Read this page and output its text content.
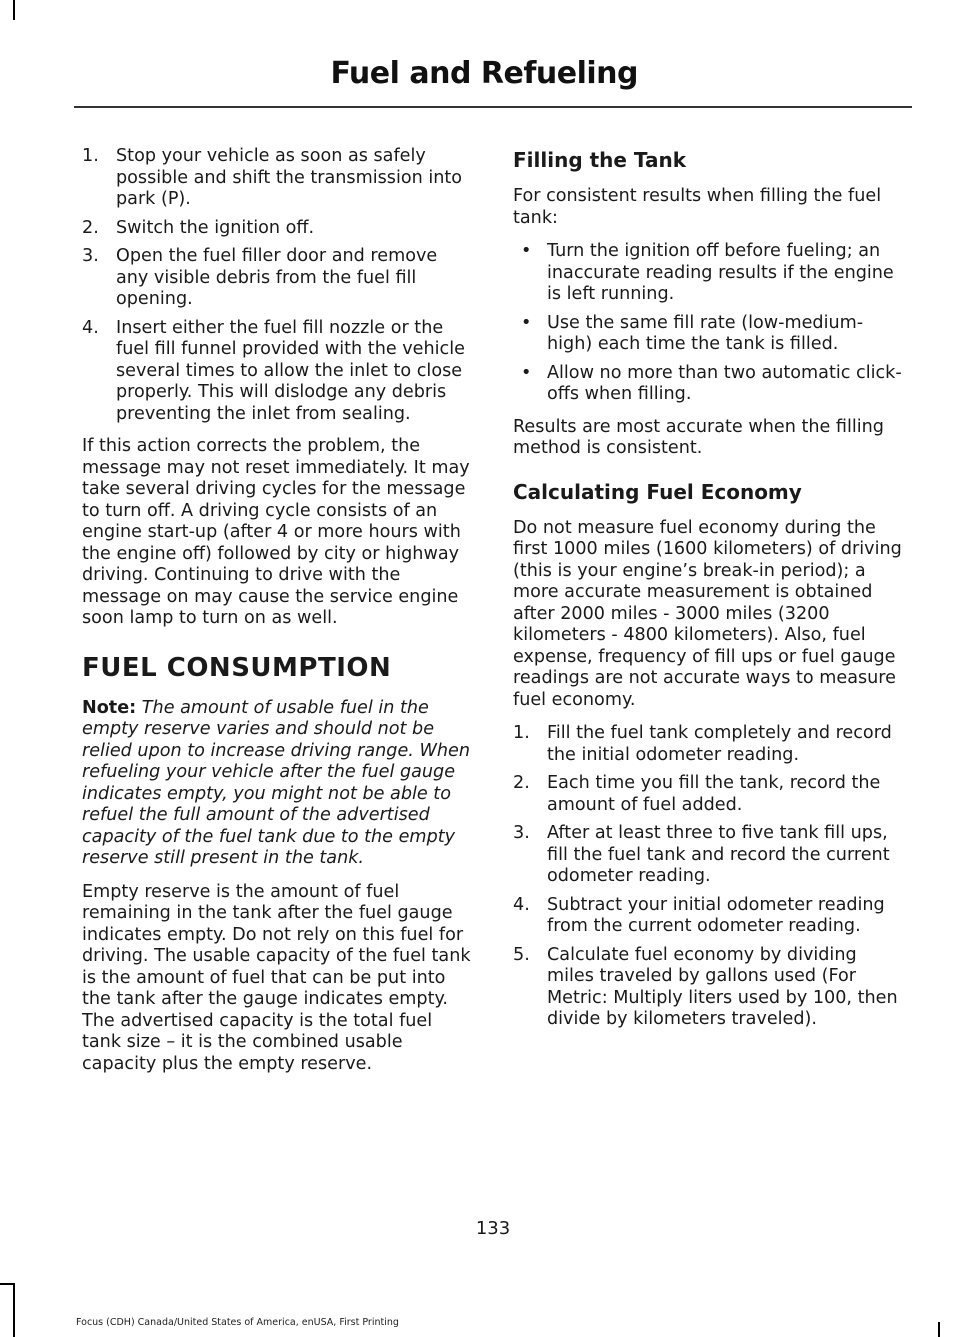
Fuel and Refueling
1. Stop your vehicle as soon as safely possible and shift the transmission into park (P).
2. Switch the ignition off.
3. Open the fuel filler door and remove any visible debris from the fuel fill opening.
4. Insert either the fuel fill nozzle or the fuel fill funnel provided with the vehicle several times to allow the inlet to close properly. This will dislodge any debris preventing the inlet from sealing.

If this action corrects the problem, the message may not reset immediately. It may take several driving cycles for the message to turn off. A driving cycle consists of an engine start-up (after 4 or more hours with the engine off) followed by city or highway driving. Continuing to drive with the message on may cause the service engine soon lamp to turn on as well.

FUEL CONSUMPTION

Note: The amount of usable fuel in the empty reserve varies and should not be relied upon to increase driving range. When refueling your vehicle after the fuel gauge indicates empty, you might not be able to refuel the full amount of the advertised capacity of the fuel tank due to the empty reserve still present in the tank.

Empty reserve is the amount of fuel remaining in the tank after the fuel gauge indicates empty. Do not rely on this fuel for driving. The usable capacity of the fuel tank is the amount of fuel that can be put into the tank after the gauge indicates empty. The advertised capacity is the total fuel tank size – it is the combined usable capacity plus the empty reserve.

Filling the Tank

For consistent results when filling the fuel tank:

• Turn the ignition off before fueling; an inaccurate reading results if the engine is left running.
• Use the same fill rate (low-medium-high) each time the tank is filled.
• Allow no more than two automatic click-offs when filling.

Results are most accurate when the filling method is consistent.

Calculating Fuel Economy

Do not measure fuel economy during the first 1000 miles (1600 kilometers) of driving (this is your engine’s break-in period); a more accurate measurement is obtained after 2000 miles - 3000 miles (3200 kilometers - 4800 kilometers). Also, fuel expense, frequency of fill ups or fuel gauge readings are not accurate ways to measure fuel economy.

1. Fill the fuel tank completely and record the initial odometer reading.
2. Each time you fill the tank, record the amount of fuel added.
3. After at least three to five tank fill ups, fill the fuel tank and record the current odometer reading.
4. Subtract your initial odometer reading from the current odometer reading.
5. Calculate fuel economy by dividing miles traveled by gallons used (For Metric: Multiply liters used by 100, then divide by kilometers traveled).
133
Focus (CDH) Canada/United States of America, enUSA, First Printing
